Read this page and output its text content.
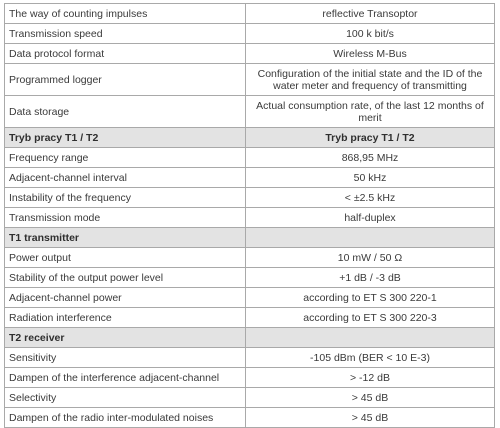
The way of counting impulses	reflective Transoptor
Transmission speed	100 k bit/s
Data protocol format	Wireless M-Bus
Programmed logger	Configuration of the initial state and the ID of the water meter and frequency of transmitting
Data storage	Actual consumption rate, of the last 12 months of merit
Tryb pracy T1 / T2	Tryb pracy T1 / T2
Frequency range	868,95 MHz
Adjacent-channel interval	50 kHz
Instability of the frequency	< ±2.5 kHz
Transmission mode	half-duplex
T1 transmitter	
Power output	10 mW / 50 Ω
Stability of the output power level	+1 dB / -3 dB
Adjacent-channel power	according to ET S 300 220-1
Radiation interference	according to ET S 300 220-3
T2 receiver	
Sensitivity	-105 dBm (BER < 10 E-3)
Dampen of the interference adjacent-channel	> -12 dB
Selectivity	> 45 dB
Dampen of the radio inter-modulated noises	> 45 dB
